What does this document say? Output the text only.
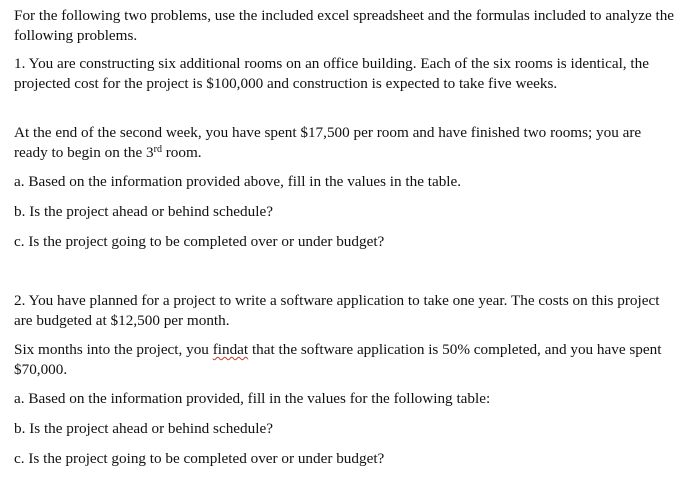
For the following two problems, use the included excel spreadsheet and the formulas included to analyze the following problems.

1. You are constructing six additional rooms on an office building. Each of the six rooms is identical, the projected cost for the project is $100,000 and construction is expected to take five weeks.

At the end of the second week, you have spent $17,500 per room and have finished two rooms; you are ready to begin on the 3rd room.

a. Based on the information provided above, fill in the values in the table.

b. Is the project ahead or behind schedule?

c. Is the project going to be completed over or under budget?

2. You have planned for a project to write a software application to take one year. The costs on this project are budgeted at $12,500 per month.

Six months into the project, you findat that the software application is 50% completed, and you have spent $70,000.

a. Based on the information provided, fill in the values for the following table:

b. Is the project ahead or behind schedule?

c. Is the project going to be completed over or under budget?
